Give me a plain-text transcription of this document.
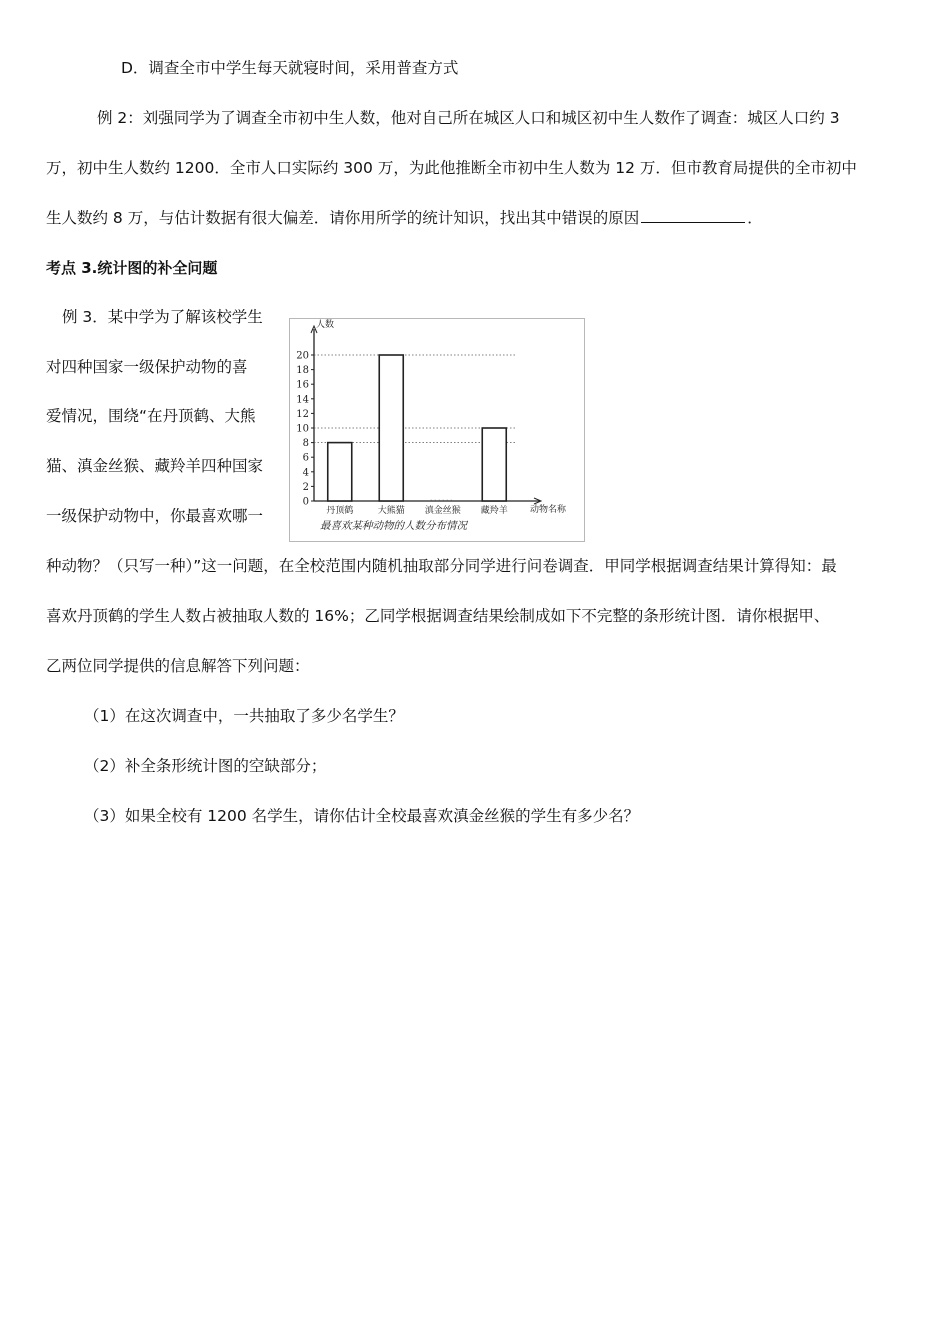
D．调查全市中学生每天就寝时间，采用普查方式
例 2：刘强同学为了调查全市初中生人数，他对自己所在城区人口和城区初中生人数作了调查：城区人口约 3
万，初中生人数约 1200．全市人口实际约 300 万，为此他推断全市初中生人数为 12 万．但市教育局提供的全市初中
生人数约 8 万，与估计数据有很大偏差．请你用所学的统计知识，找出其中错误的原因	．
考点 3.统计图的补全问题
例 3．某中学为了解该校学生
对四种国家一级保护动物的喜
爱情况，围绕“在丹顶鹤、大熊
猫、滇金丝猴、藏羚羊四种国家
一级保护动物中，你最喜欢哪一
0
2
4
6
8
10
12
14
16
18
20
丹顶鹤	大熊猫 滇金丝猴 藏羚羊
人数
动物名称
最喜欢某种动物的人数分布情况
种动物？（只写一种）”这一问题，在全校范围内随机抽取部分同学进行问卷调查．甲同学根据调查结果计算得知：最
喜欢丹顶鹤的学生人数占被抽取人数的 16%；乙同学根据调查结果绘制成如下不完整的条形统计图．请你根据甲、
乙两位同学提供的信息解答下列问题：
（1）在这次调查中，一共抽取了多少名学生？
（2）补全条形统计图的空缺部分；
（3）如果全校有 1200 名学生，请你估计全校最喜欢滇金丝猴的学生有多少名？
